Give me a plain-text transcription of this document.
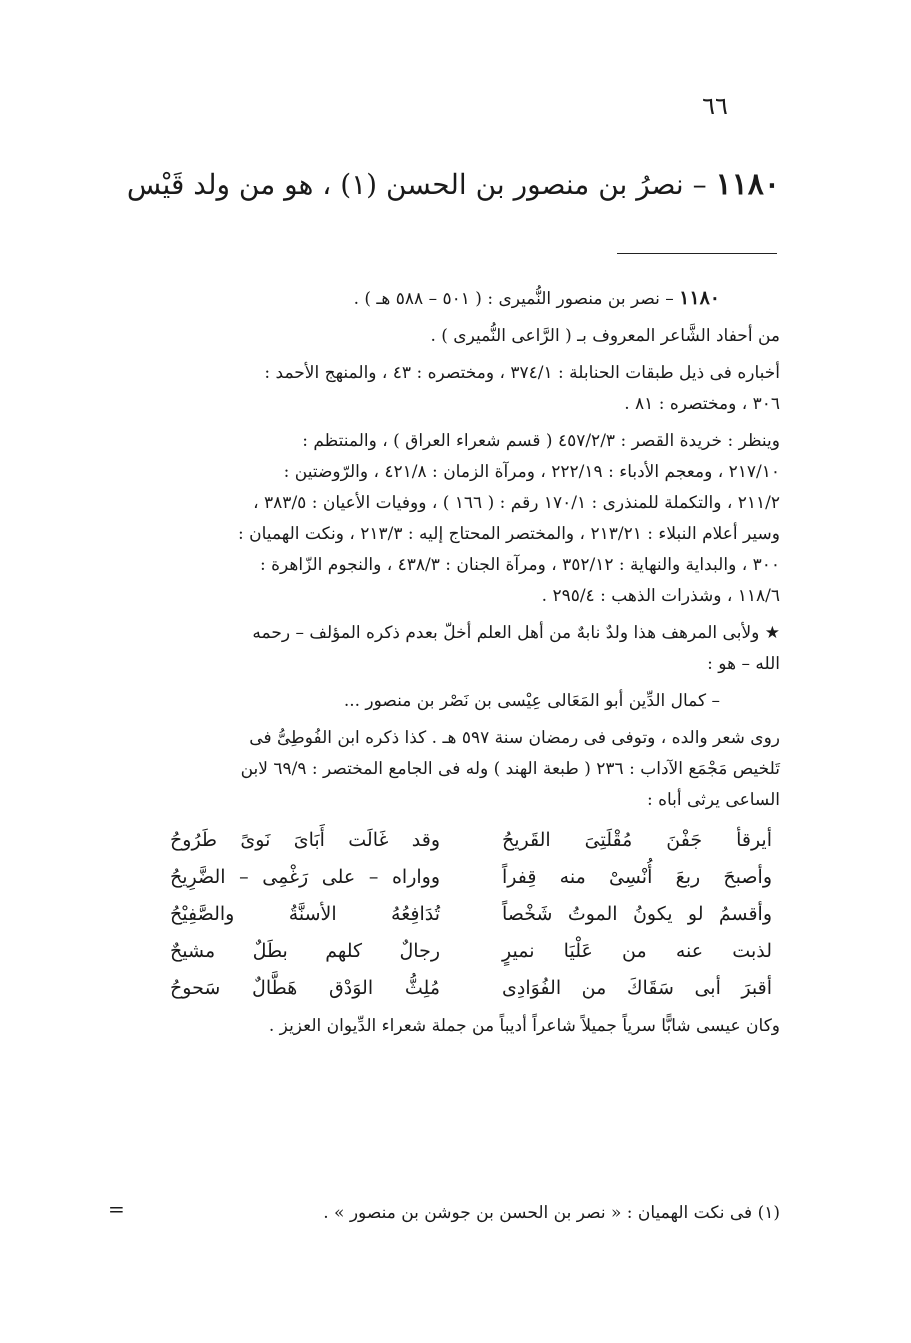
٦٦
١١٨٠ – نصرُ بن منصور بن الحسن (١) ، هو من ولد قَيْس
١١٨٠ – نصر بن منصور النُّميرى : ( ٥٠١ – ٥٨٨ هـ ) .
من أحفاد الشَّاعر المعروف بـ ( الرَّاعى النُّميرى ) .
أخباره فى ذيل طبقات الحنابلة : ٣٧٤/١ ، ومختصره : ٤٣ ، والمنهج الأحمد :
٣٠٦ ، ومختصره : ٨١ .
وينظر : خريدة القصر : ٤٥٧/٢/٣ ( قسم شعراء العراق ) ، والمنتظم :
٢١٧/١٠ ، ومعجم الأدباء : ٢٢٢/١٩ ، ومرآة الزمان : ٤٢١/٨ ، والرّوضتين :
٢١١/٢ ، والتكملة للمنذرى : ١٧٠/١ رقم : ( ١٦٦ ) ، ووفيات الأعيان : ٣٨٣/٥ ،
وسير أعلام النبلاء : ٢١٣/٢١ ، والمختصر المحتاج إليه : ٢١٣/٣ ، ونكت الهميان :
٣٠٠ ، والبداية والنهاية : ٣٥٢/١٢ ، ومرآة الجنان : ٤٣٨/٣ ، والنجوم الزّاهرة :
١١٨/٦ ، وشذرات الذهب : ٢٩٥/٤ .
★ ولأبى المرهف هذا ولدٌ نابهٌ من أهل العلم أخلّ بعدم ذكره المؤلف – رحمه
الله – هو :
– كمال الدِّين أبو المَعَالى عِيْسى بن نَصْر بن منصور ...
روى شعر والده ، وتوفى فى رمضان سنة ٥٩٧ هـ . كذا ذكره ابن الفُوطِىُّ فى
تَلخيص مَجْمَع الآداب : ٢٣٦ ( طبعة الهند ) وله فى الجامع المختصر : ٦٩/٩ لابن
الساعى يرثى أباه :
أيرقأ جَفْنَ مُقْلَتِىَ القَريحُ
وقد غَالَت أَبَاىَ نَوىً طَرُوحُ
وأصبحَ ربعَ أُنْسِىْ منه قِفراً
وواراه – على رَغْمِى – الضَّرِيحُ
وأقسمُ لو يكونُ الموتُ شَخْصاً
تُدَافِعُهُ الأسنَّةُ والصَّفِيْحُ
لذبت عنه من عَلْيَا نميرٍ
رجالٌ كلهم بطَلٌ مشيحٌ
أقبرَ أبى سَقَاكَ من الفُوَادِى
مُلِثُّ الوَدْق هَطَّالٌ سَحوحُ
وكان عيسى شابًّا سرياً جميلاً شاعراً أديباً من جملة شعراء الدِّيوان العزيز .
(١) فى نكت الهميان : « نصر بن الحسن بن جوشن بن منصور » .
=
